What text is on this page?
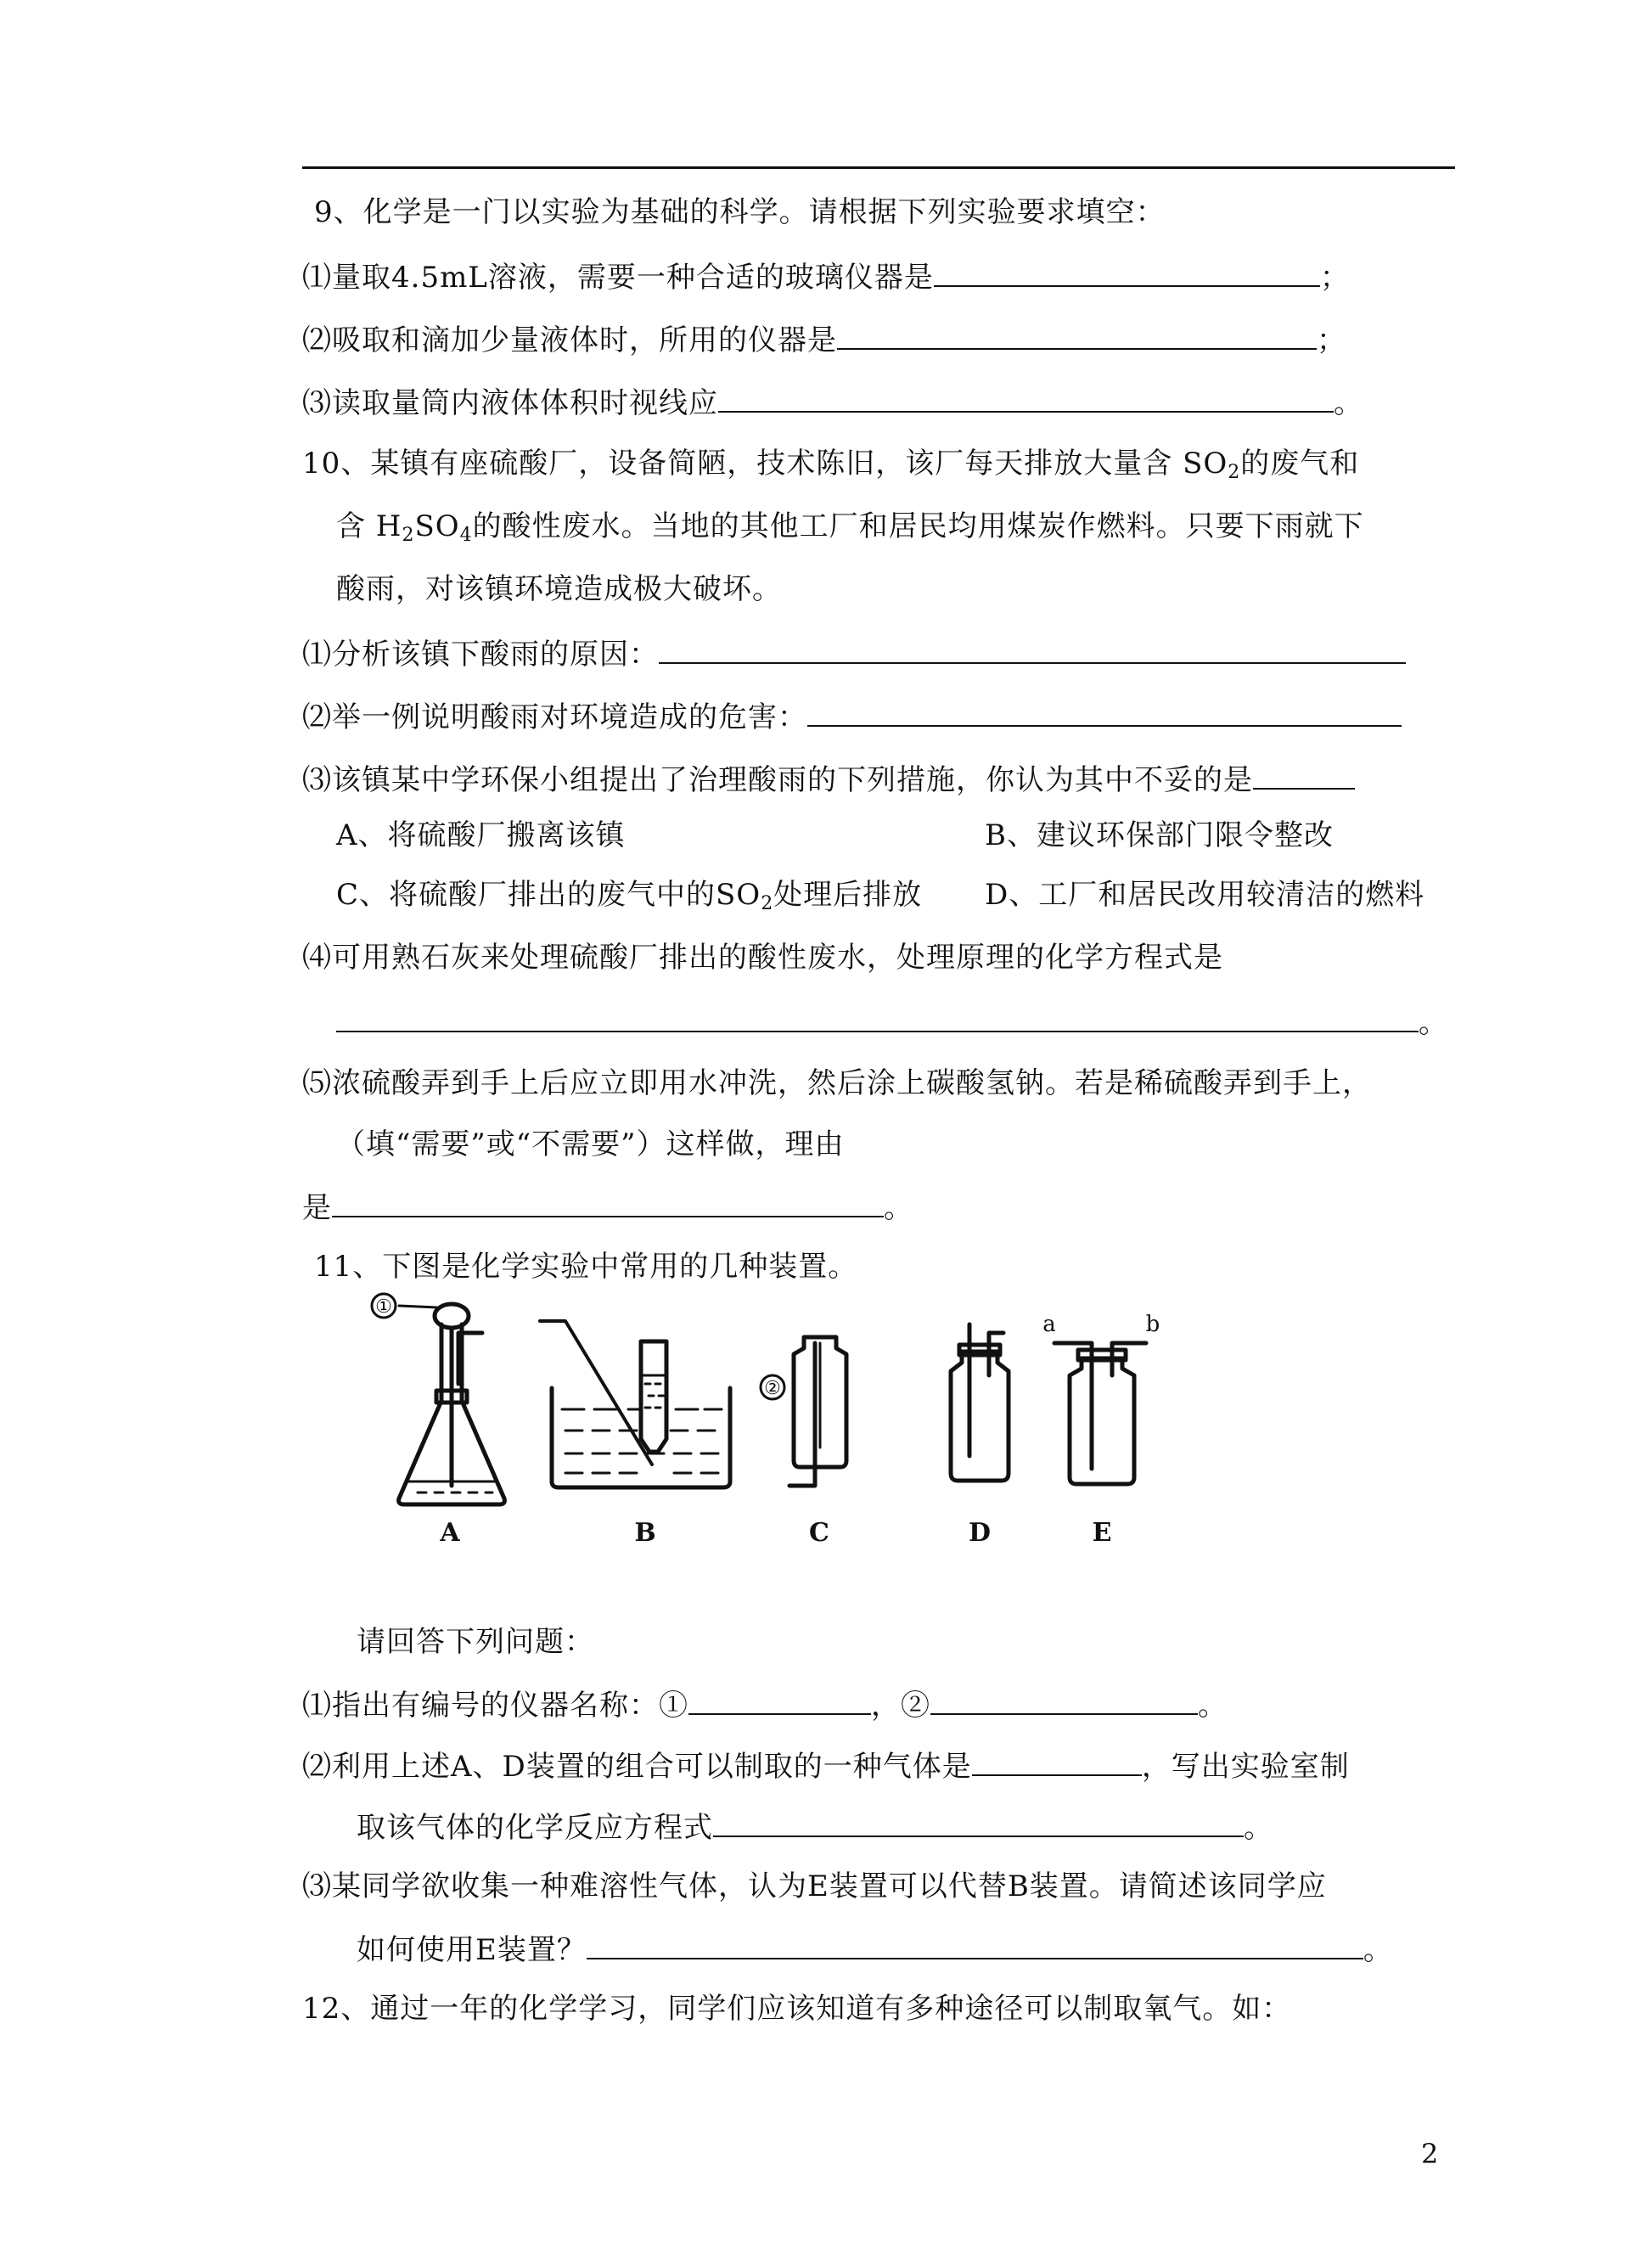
9、化学是一门以实验为基础的科学。请根据下列实验要求填空：
⑴量取4.5mL溶液，需要一种合适的玻璃仪器是	；
⑵吸取和滴加少量液体时，所用的仪器是	；
⑶读取量筒内液体体积时视线应	。
10、某镇有座硫酸厂，设备简陋，技术陈旧，该厂每天排放大量含 $SO_2$的废气和
含 $H_2SO_4$的酸性废水。当地的其他工厂和居民均用煤炭作燃料。只要下雨就下
酸雨，对该镇环境造成极大破坏。
⑴分析该镇下酸雨的原因：
⑵举一例说明酸雨对环境造成的危害：
⑶该镇某中学环保小组提出了治理酸雨的下列措施，你认为其中不妥的是
A、将硫酸厂搬离该镇	B、建议环保部门限令整改
C、将硫酸厂排出的废气中的$SO_2$处理后排放 D、工厂和居民改用较清洁的燃料
⑷可用熟石灰来处理硫酸厂排出的酸性废水，处理原理的化学方程式是
。
⑸浓硫酸弄到手上后应立即用水冲洗，然后涂上碳酸氢钠。若是稀硫酸弄到手上，
（填“需要”或“不需要”）这样做，理由
是	。
11、下图是化学实验中常用的几种装置。
①
②
a	b
A	B	C	D	E
请回答下列问题：
⑴指出有编号的仪器名称：①	，②	。
⑵利用上述A、D装置的组合可以制取的一种气体是	，写出实验室制
取该气体的化学反应方程式	。
⑶某同学欲收集一种难溶性气体，认为E装置可以代替B装置。请简述该同学应
如何使用E装置？	。
12、通过一年的化学学习，同学们应该知道有多种途径可以制取氧气。如：
2
